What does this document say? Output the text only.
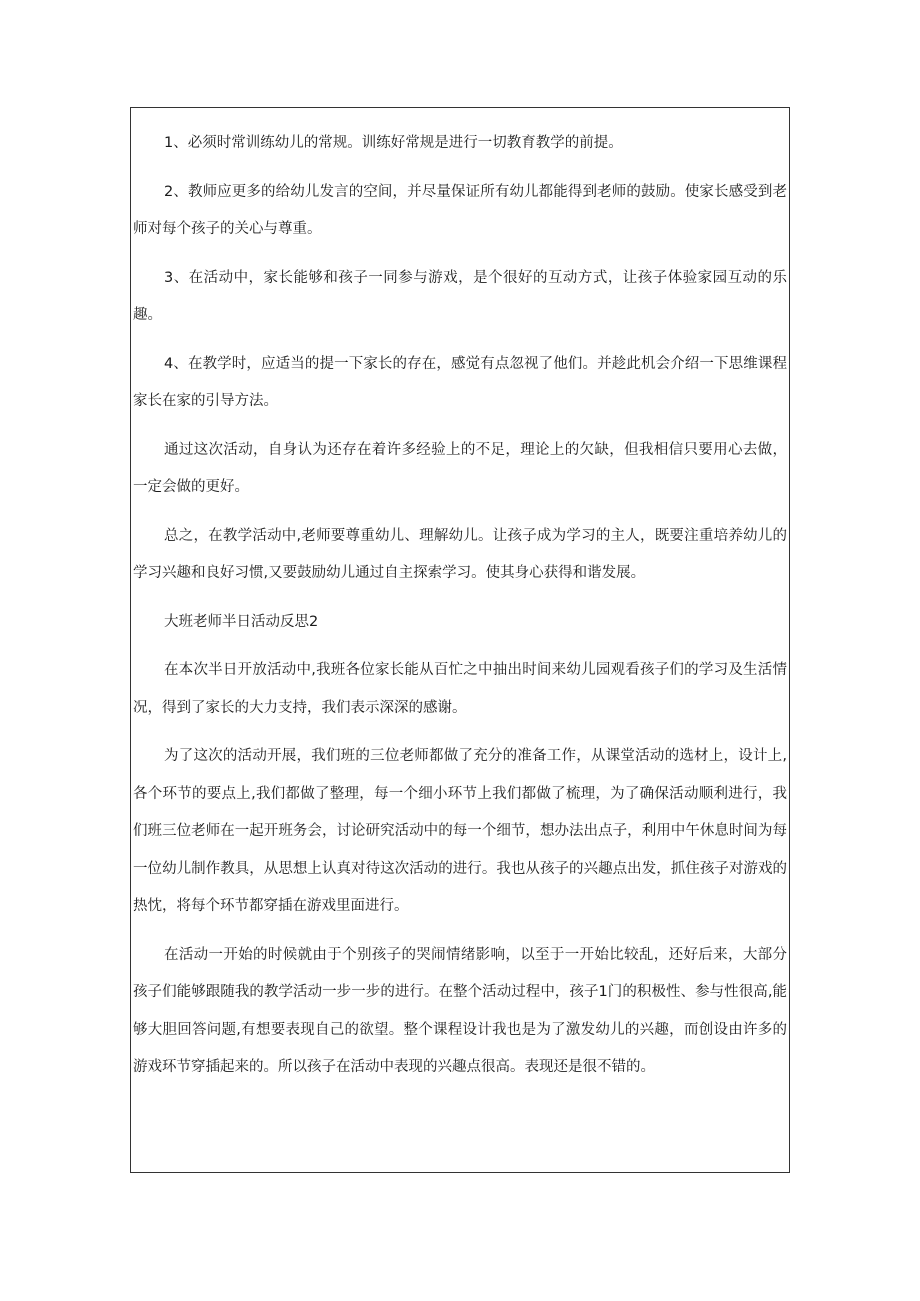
1、必须时常训练幼儿的常规。训练好常规是进行一切教育教学的前提。

2、教师应更多的给幼儿发言的空间，并尽量保证所有幼儿都能得到老师的鼓励。使家长感受到老师对每个孩子的关心与尊重。

3、在活动中，家长能够和孩子一同参与游戏，是个很好的互动方式，让孩子体验家园互动的乐趣。

4、在教学时，应适当的提一下家长的存在，感觉有点忽视了他们。并趁此机会介绍一下思维课程家长在家的引导方法。

通过这次活动，自身认为还存在着许多经验上的不足，理论上的欠缺，但我相信只要用心去做，一定会做的更好。

总之，在教学活动中,老师要尊重幼儿、理解幼儿。让孩子成为学习的主人，既要注重培养幼儿的学习兴趣和良好习惯,又要鼓励幼儿通过自主探索学习。使其身心获得和谐发展。

大班老师半日活动反思2

在本次半日开放活动中,我班各位家长能从百忙之中抽出时间来幼儿园观看孩子们的学习及生活情况，得到了家长的大力支持，我们表示深深的感谢。

为了这次的活动开展，我们班的三位老师都做了充分的准备工作，从课堂活动的选材上，设计上,各个环节的要点上,我们都做了整理，每一个细小环节上我们都做了梳理，为了确保活动顺利进行，我们班三位老师在一起开班务会，讨论研究活动中的每一个细节，想办法出点子，利用中午休息时间为每一位幼儿制作教具，从思想上认真对待这次活动的进行。我也从孩子的兴趣点出发，抓住孩子对游戏的热忱，将每个环节都穿插在游戏里面进行。

在活动一开始的时候就由于个别孩子的哭闹情绪影响，以至于一开始比较乱，还好后来，大部分孩子们能够跟随我的教学活动一步一步的进行。在整个活动过程中，孩子1门的积极性、参与性很高,能够大胆回答问题,有想要表现自己的欲望。整个课程设计我也是为了激发幼儿的兴趣，而创设由许多的游戏环节穿插起来的。所以孩子在活动中表现的兴趣点很高。表现还是很不错的。
